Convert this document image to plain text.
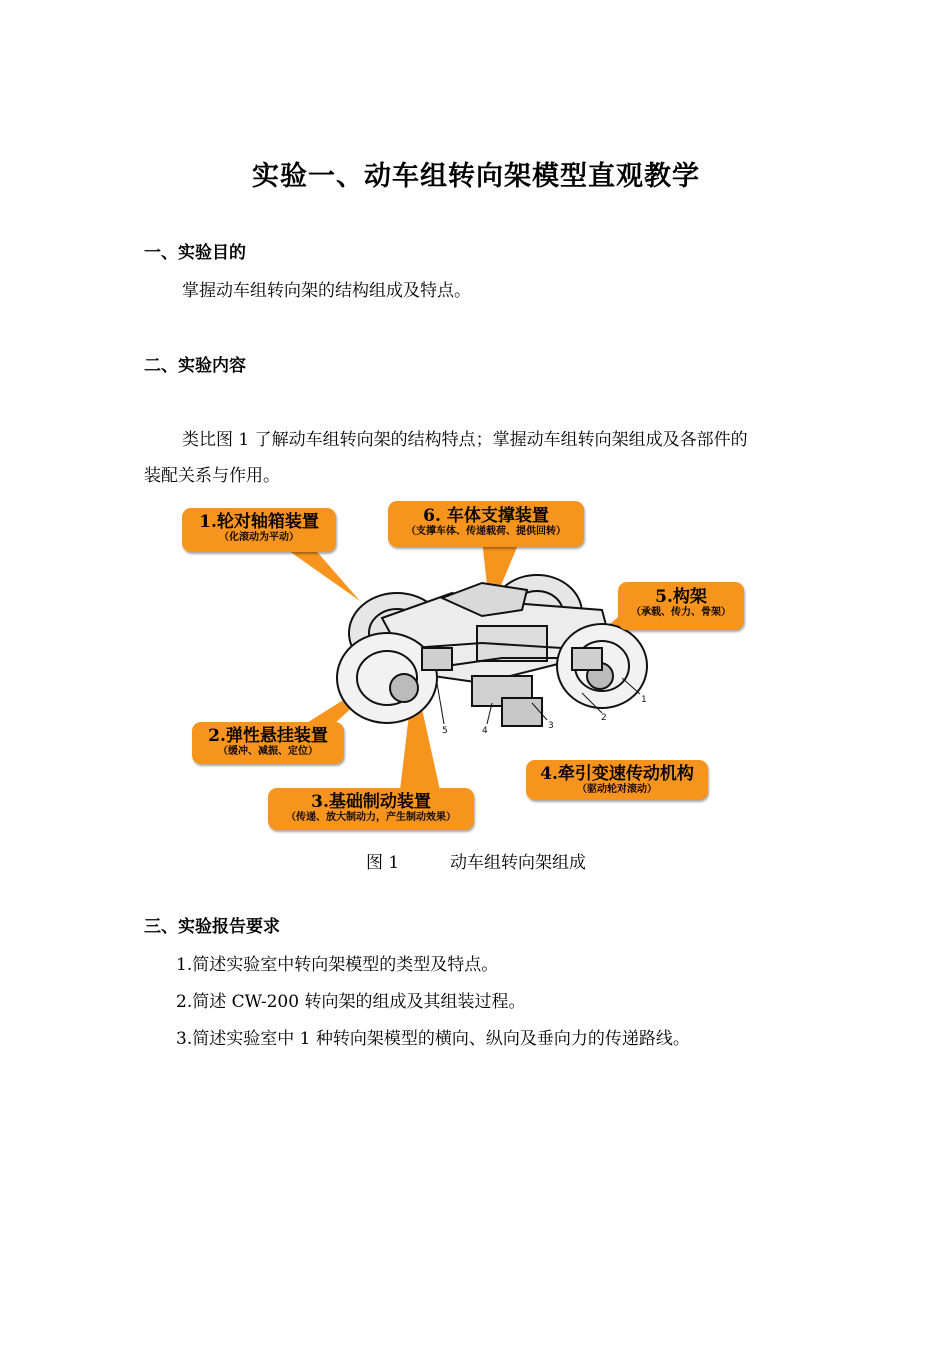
实验一、动车组转向架模型直观教学
一、实验目的
掌握动车组转向架的结构组成及特点。
二、实验内容
类比图 1 了解动车组转向架的结构特点；掌握动车组转向架组成及各部件的
装配关系与作用。
1
2
3
4
5
1.轮对轴箱装置
（化滚动为平动）
6. 车体支撑装置
（支撑车体、传递载荷、提供回转）
5.构架
（承载、传力、骨架）
2.弹性悬挂装置
（缓冲、减振、定位）
4.牵引变速传动机构
（驱动轮对滚动）
3.基础制动装置
（传递、放大制动力，产生制动效果）
图 1	动车组转向架组成
三、实验报告要求
1.简述实验室中转向架模型的类型及特点。
2.简述 CW-200 转向架的组成及其组装过程。
3.简述实验室中 1 种转向架模型的横向、纵向及垂向力的传递路线。
